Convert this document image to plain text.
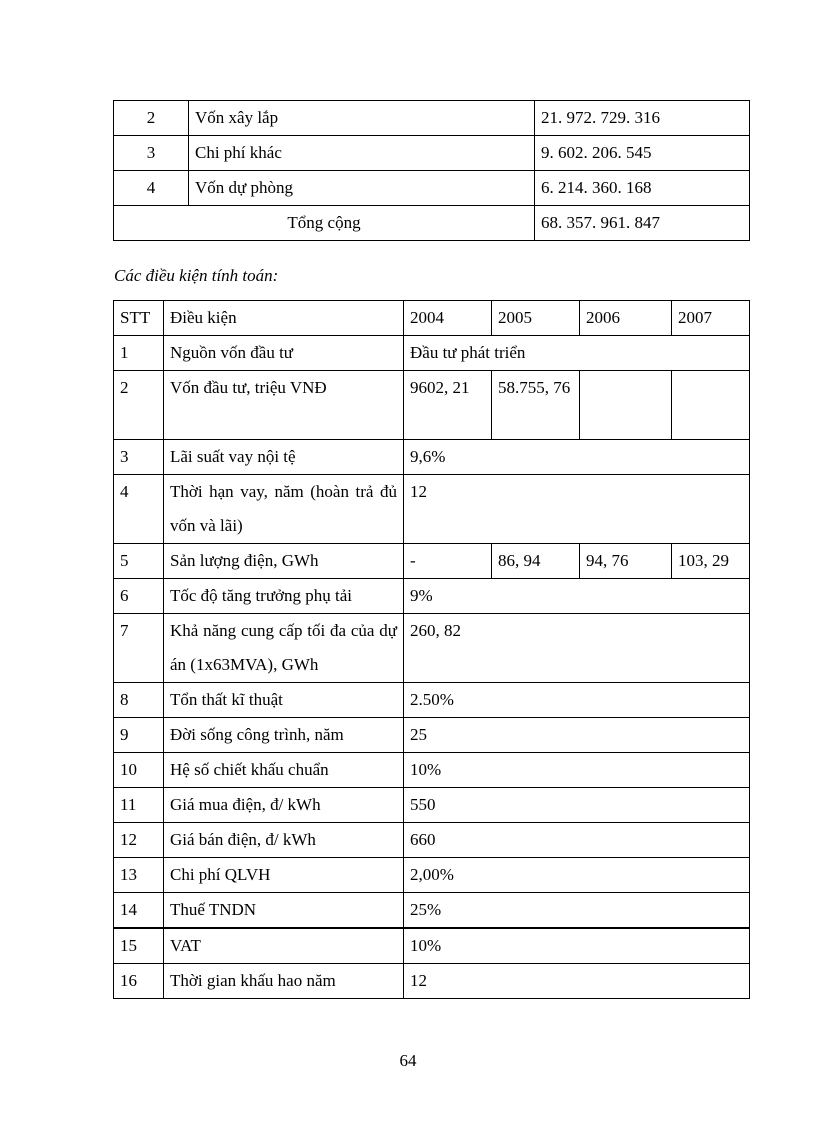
2	Vốn xây lắp	21. 972. 729. 316
3	Chi phí khác	9. 602. 206. 545
4	Vốn dự phòng	6. 214. 360. 168
Tổng cộng		68. 357. 961. 847
Các điều kiện tính toán:
STT	Điều kiện	2004	2005	2006	2007
1	Nguồn vốn đầu tư	Đầu tư phát triển			
2	Vốn đầu tư, triệu VNĐ	9602, 21	58.755, 76		
3	Lãi suất vay nội tệ	9,6%			
4	Thời hạn vay, năm (hoàn trả đủ vốn và lãi)	12			
5	Sản lượng điện, GWh	-	86, 94	94, 76	103, 29
6	Tốc độ tăng trưởng phụ tải	9%			
7	Khả năng cung cấp tối đa của dự án (1x63MVA), GWh	260, 82			
8	Tổn thất kĩ thuật	2.50%			
9	Đời sống công trình, năm	25			
10	Hệ số chiết khấu chuẩn	10%			
11	Giá mua điện, đ/ kWh	550			
12	Giá bán điện, đ/ kWh	660			
13	Chi phí QLVH	2,00%			
14	Thuế TNDN	25%			
15	VAT	10%			
16	Thời gian khấu hao năm	12			
64
